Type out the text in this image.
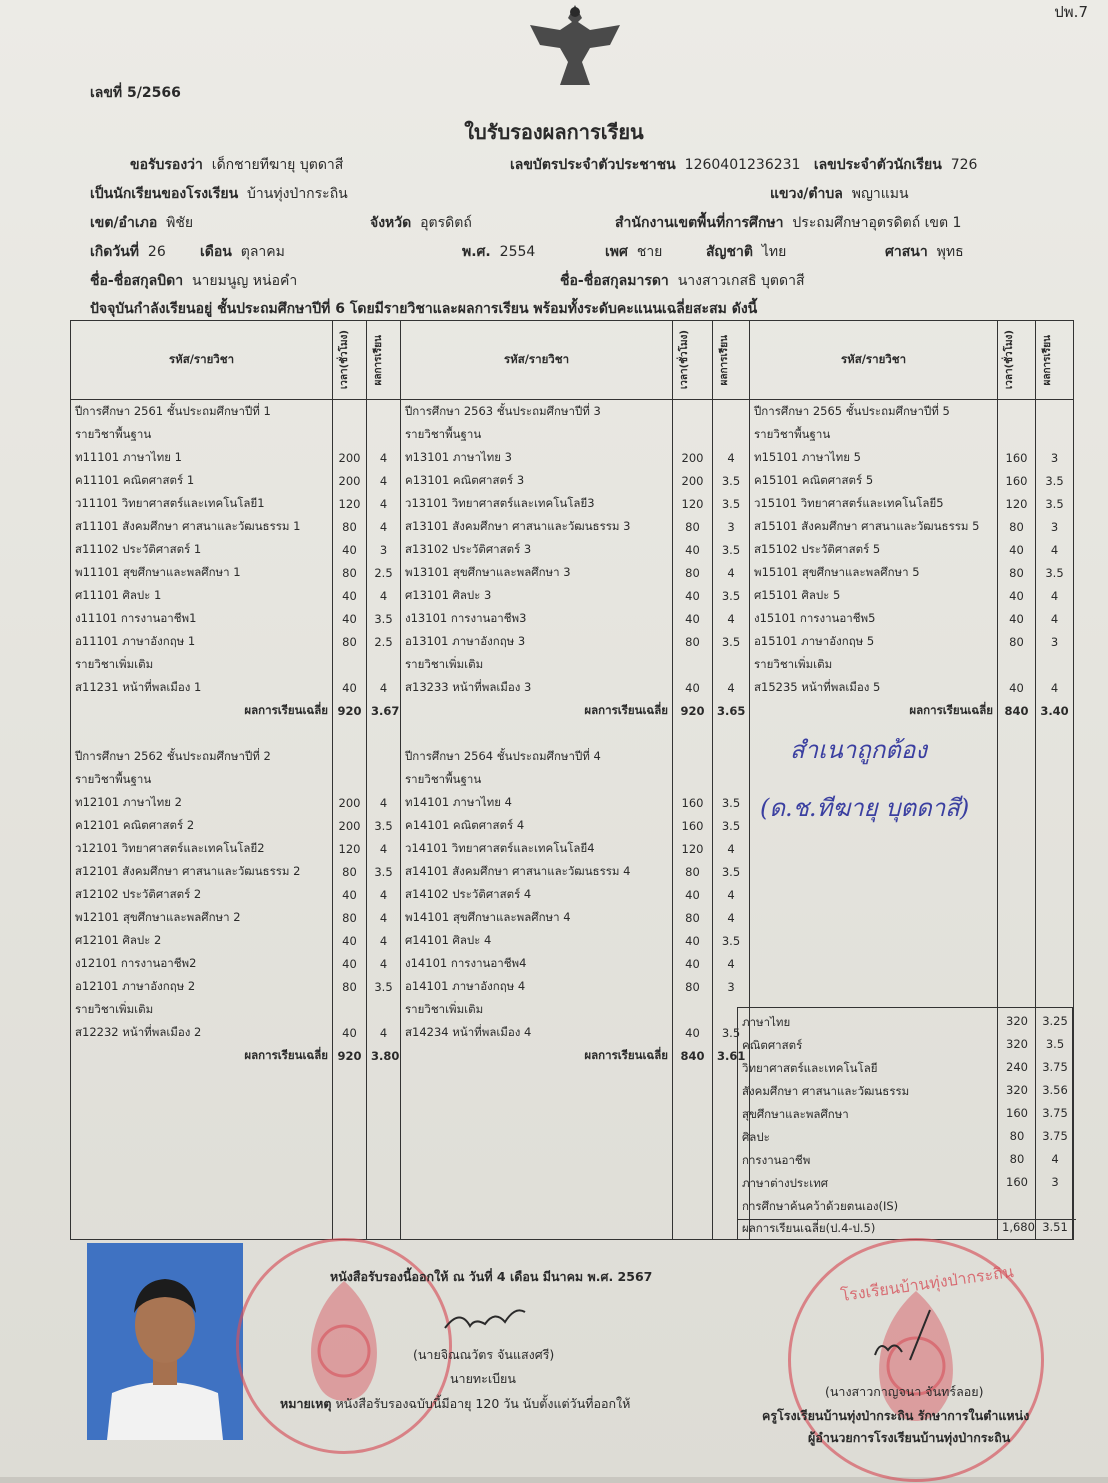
ปพ.7
เลขที่ 5/2566
ใบรับรองผลการเรียน
ขอรับรองว่า เด็กชายทีฆายุ บุตดาสี	เลขบัตรประจำตัวประชาชน 1260401236231 เลขประจำตัวนักเรียน 726
เป็นนักเรียนของโรงเรียน บ้านทุ่งป่ากระถิน	แขวง/ตำบล พญาแมน
เขต/อำเภอ พิชัย	จังหวัด อุตรดิตถ์	สำนักงานเขตพื้นที่การศึกษา ประถมศึกษาอุตรดิตถ์ เขต 1
เกิดวันที่ 26 เดือน ตุลาคม	พ.ศ. 2554	เพศ ชาย	สัญชาติ ไทย	ศาสนา พุทธ
ชื่อ-ชื่อสกุลบิดา นายมนูญ หน่อคำ	ชื่อ-ชื่อสกุลมารดา นางสาวเกสธิ บุตดาสี
ปัจจุบันกำลังเรียนอยู่ ชั้นประถมศึกษาปีที่ 6 โดยมีรายวิชาและผลการเรียน พร้อมทั้งระดับคะแนนเฉลี่ยสะสม ดังนี้
รหัส/รายวิชา	เวลา(ชั่วโมง)	ผลการเรียน	รหัส/รายวิชา	เวลา(ชั่วโมง)	ผลการเรียน	รหัส/รายวิชา	เวลา(ชั่วโมง)	ผลการเรียน

ปีการศึกษา 2561 ชั้นประถมศึกษาปีที่ 1			ปีการศึกษา 2563 ชั้นประถมศึกษาปีที่ 3			ปีการศึกษา 2565 ชั้นประถมศึกษาปีที่ 5		
รายวิชาพื้นฐาน			รายวิชาพื้นฐาน			รายวิชาพื้นฐาน		
ท11101 ภาษาไทย 1	200	4	ท13101 ภาษาไทย 3	200	4	ท15101 ภาษาไทย 5	160	3
ค11101 คณิตศาสตร์ 1	200	4	ค13101 คณิตศาสตร์ 3	200	3.5	ค15101 คณิตศาสตร์ 5	160	3.5
ว11101 วิทยาศาสตร์และเทคโนโลยี1	120	4	ว13101 วิทยาศาสตร์และเทคโนโลยี3	120	3.5	ว15101 วิทยาศาสตร์และเทคโนโลยี5	120	3.5
ส11101 สังคมศึกษา ศาสนาและวัฒนธรรม 1	80	4	ส13101 สังคมศึกษา ศาสนาและวัฒนธรรม 3	80	3	ส15101 สังคมศึกษา ศาสนาและวัฒนธรรม 5	80	3
ส11102 ประวัติศาสตร์ 1	40	3	ส13102 ประวัติศาสตร์ 3	40	3.5	ส15102 ประวัติศาสตร์ 5	40	4
พ11101 สุขศึกษาและพลศึกษา 1	80	2.5	พ13101 สุขศึกษาและพลศึกษา 3	80	4	พ15101 สุขศึกษาและพลศึกษา 5	80	3.5
ศ11101 ศิลปะ 1	40	4	ศ13101 ศิลปะ 3	40	3.5	ศ15101 ศิลปะ 5	40	4
ง11101 การงานอาชีพ1	40	3.5	ง13101 การงานอาชีพ3	40	4	ง15101 การงานอาชีพ5	40	4
อ11101 ภาษาอังกฤษ 1	80	2.5	อ13101 ภาษาอังกฤษ 3	80	3.5	อ15101 ภาษาอังกฤษ 5	80	3
รายวิชาเพิ่มเติม			รายวิชาเพิ่มเติม			รายวิชาเพิ่มเติม		
ส11231 หน้าที่พลเมือง 1	40	4	ส13233 หน้าที่พลเมือง 3	40	4	ส15235 หน้าที่พลเมือง 5	40	4
ผลการเรียนเฉลี่ย	920	3.67	ผลการเรียนเฉลี่ย	920	3.65	ผลการเรียนเฉลี่ย	840	3.40

ปีการศึกษา 2562 ชั้นประถมศึกษาปีที่ 2			ปีการศึกษา 2564 ชั้นประถมศึกษาปีที่ 4					
รายวิชาพื้นฐาน			รายวิชาพื้นฐาน					
ท12101 ภาษาไทย 2	200	4	ท14101 ภาษาไทย 4	160	3.5			
ค12101 คณิตศาสตร์ 2	200	3.5	ค14101 คณิตศาสตร์ 4	160	3.5			
ว12101 วิทยาศาสตร์และเทคโนโลยี2	120	4	ว14101 วิทยาศาสตร์และเทคโนโลยี4	120	4			
ส12101 สังคมศึกษา ศาสนาและวัฒนธรรม 2	80	3.5	ส14101 สังคมศึกษา ศาสนาและวัฒนธรรม 4	80	3.5			
ส12102 ประวัติศาสตร์ 2	40	4	ส14102 ประวัติศาสตร์ 4	40	4			
พ12101 สุขศึกษาและพลศึกษา 2	80	4	พ14101 สุขศึกษาและพลศึกษา 4	80	4			
ศ12101 ศิลปะ 2	40	4	ศ14101 ศิลปะ 4	40	3.5			
ง12101 การงานอาชีพ2	40	4	ง14101 การงานอาชีพ4	40	4			
อ12101 ภาษาอังกฤษ 2	80	3.5	อ14101 ภาษาอังกฤษ 4	80	3			
รายวิชาเพิ่มเติม			รายวิชาเพิ่มเติม					
ส12232 หน้าที่พลเมือง 2	40	4	ส14234 หน้าที่พลเมือง 4	40	3.5			
ผลการเรียนเฉลี่ย	920	3.80	ผลการเรียนเฉลี่ย	840	3.61			

ภาษาไทย	320	3.25
คณิตศาสตร์	320	3.5
วิทยาศาสตร์และเทคโนโลยี	240	3.75
สังคมศึกษา ศาสนาและวัฒนธรรม	320	3.56
สุขศึกษาและพลศึกษา	160	3.75
ศิลปะ	80	3.75
การงานอาชีพ	80	4
ภาษาต่างประเทศ	160	3
การศึกษาค้นคว้าด้วยตนเอง(IS)
ผลการเรียนเฉลี่ย(ป.4-ป.5)	1,680 3.51
สำเนาถูกต้อง
(ด.ช.ทีฆายุ บุตดาสี)
โรงเรียนบ้านทุ่งป่ากระถิน
หนังสือรับรองนี้ออกให้ ณ วันที่ 4 เดือน มีนาคม พ.ศ. 2567
(นายจิณณวัตร จันแสงศรี)
นายทะเบียน
หมายเหตุ หนังสือรับรองฉบับนี้มีอายุ 120 วัน นับตั้งแต่วันที่ออกให้
(นางสาวกาญจนา จันทร์ลอย)
ครูโรงเรียนบ้านทุ่งป่ากระถิน รักษาการในตำแหน่ง
ผู้อำนวยการโรงเรียนบ้านทุ่งป่ากระถิน
